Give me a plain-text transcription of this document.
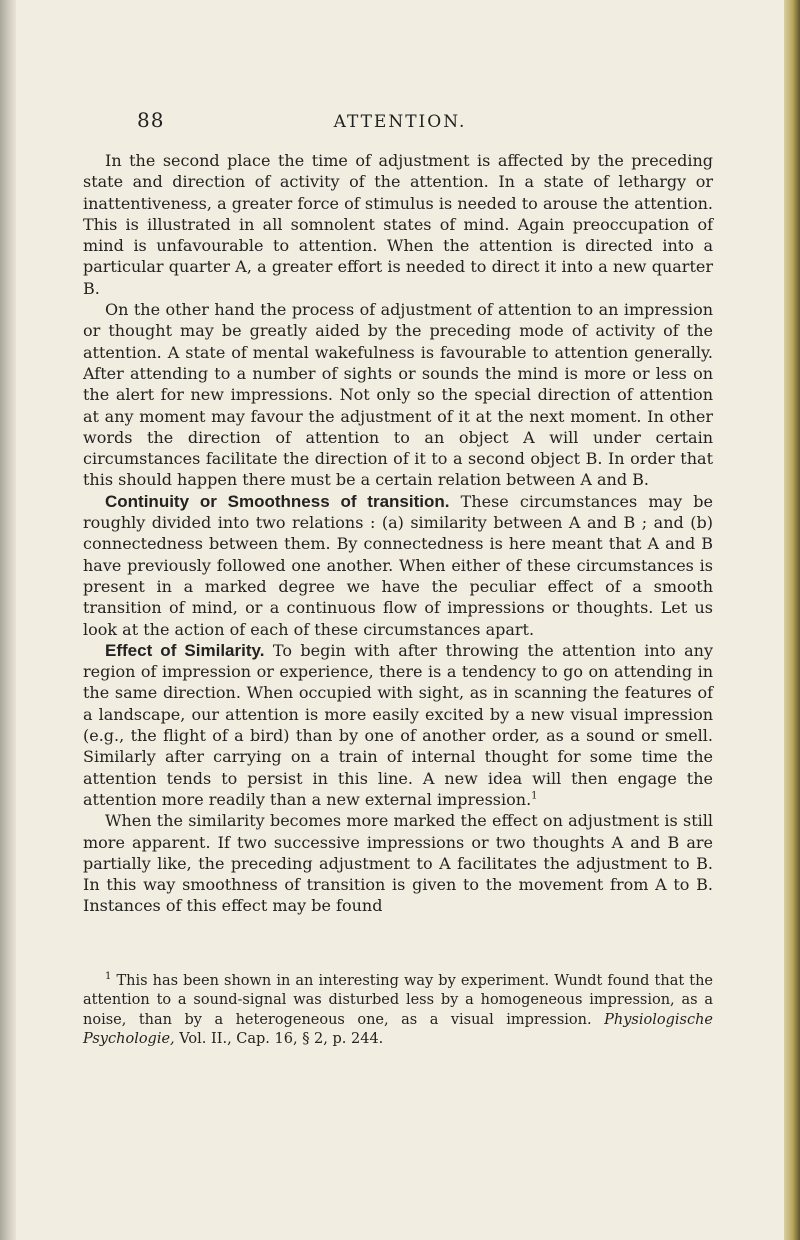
88	ATTENTION.

In the second place the time of adjustment is affected by the preceding state and direction of activity of the attention. In a state of lethargy or inattentiveness, a greater force of stimulus is needed to arouse the attention. This is illustrated in all somnolent states of mind. Again preoccupation of mind is unfavourable to attention. When the attention is directed into a particular quarter A, a greater effort is needed to direct it into a new quarter B.

On the other hand the process of adjustment of attention to an impression or thought may be greatly aided by the preceding mode of activity of the attention. A state of mental wakefulness is favourable to attention generally. After attending to a number of sights or sounds the mind is more or less on the alert for new impressions. Not only so the special direction of attention at any moment may favour the adjustment of it at the next moment. In other words the direction of attention to an object A will under certain circumstances facilitate the direction of it to a second object B. In order that this should happen there must be a certain relation between A and B.

Continuity or Smoothness of transition. These circumstances may be roughly divided into two relations : (a) similarity between A and B ; and (b) connectedness between them. By connectedness is here meant that A and B have previously followed one another. When either of these circumstances is present in a marked degree we have the peculiar effect of a smooth transition of mind, or a continuous flow of impressions or thoughts. Let us look at the action of each of these circumstances apart.

Effect of Similarity. To begin with after throwing the attention into any region of impression or experience, there is a tendency to go on attending in the same direction. When occupied with sight, as in scanning the features of a landscape, our attention is more easily excited by a new visual impression (e.g., the flight of a bird) than by one of another order, as a sound or smell. Similarly after carrying on a train of internal thought for some time the attention tends to persist in this line. A new idea will then engage the attention more readily than a new external impression.$^1$

When the similarity becomes more marked the effect on adjustment is still more apparent. If two successive impressions or two thoughts A and B are partially like, the preceding adjustment to A facilitates the adjustment to B. In this way smoothness of transition is given to the movement from A to B. Instances of this effect may be found

$^1$ This has been shown in an interesting way by experiment. Wundt found that the attention to a sound-signal was disturbed less by a homogeneous impression, as a noise, than by a heterogeneous one, as a visual impression. Physiologische Psychologie, Vol. II., Cap. 16, § 2, p. 244.
